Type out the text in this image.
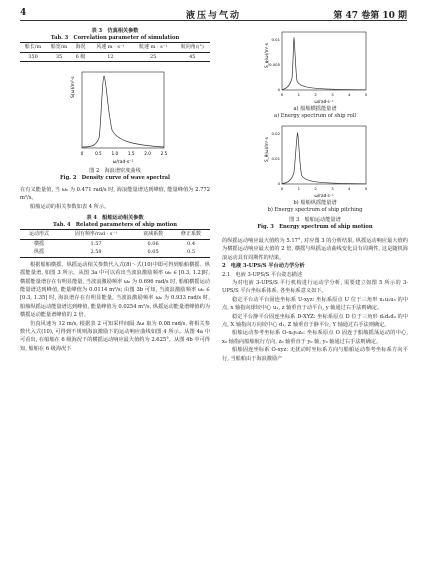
4	液压与气动	第 47 卷第 10 期
表 3　仿真相关参数
Tab. 3　Correlation parameter of simulation
船长/m	船宽/m	海况	风速 m · s⁻¹	航速 m · s⁻¹	航向角/(°)
350	35	6 级	12	25	45
S(ω)/m²·s
0	0.5 1.0 1.5 2.0 2.5
ω/rad·s⁻¹
图 2　海浪谱密度曲线
Fig. 2　Density curve of wave spectral

在有义能量值, 当 ω₀ 为 0.471 rad/s 时, 海浪能量谱达到峰值, 能量峰值为 2.772 m²/s。

船舶运动的相关参数如表 4 所示。

表 4　船舶运动相关参数
Tab. 4　Related parameters of ship motion
运动形式	固有频率/rad · s⁻¹	衰减系数	修正系数
横摇	1.57	0.06	0.4
纵摇	2.58	0.05	0.5

根据船舶横摇、纵摇运动相关参数代入式(8)～式(10)中即可得到船舶横摇、纵摇能量谱, 如图 3 所示。从图 3a 中可以看出当波浪激励频率 ω₀ ∈ [0.3, 1.2]时, 横摇能量谱存在有明显能量, 当波浪激励频率 ω₀ 为 0.696 rad/s 时, 船舶横摇运动能量谱达到峰值, 能量峰值为 0.0114 m²/s; 由图 3b 可知, 当波浪激励频率 ω₀ ∈ [0.3, 1.35] 时, 海浪谱存在有明显能量, 当波浪激励频率 ω₀ 为 0.933 rad/s 时, 船舶纵摇运动能量谱达到峰值, 能量峰值为 0.0254 m²/s, 纵摇运动能量谱峰值约为横摇运动能量谱峰值的 2 倍。

仿真风速为 12 m/s, 根据表 2 可知采样间隔 Δω 取为 0.08 rad/s, 将相关参数代入式(10), 可得到不规则海浪激励下的运动响应曲线如图 4 所示。从图 4a 中可看出, 在船舶在 6 级海况下的横摇运动响应最大值约为 2.625°。从图 4b 中可得知, 船舶在 6 级海况下

S_φ(ω)/m²·s
0
0.005
0.01
0	1	2	3	4	5
ω/rad·s⁻¹
a) 船舶横摇能量谱
a) Energy spectrum of ship roll
S_θ(ω)/m²·s
0
0.01
0.02
0	1	2	3	4	5
ω/rad·s⁻¹
b) 船舶纵摇能量谱
b) Energy spectrum of ship pitching
图 3　船舶运动能量谱
Fig. 3　Energy spectrum of ship motion

的纵摇运动响应最大值约为 5.17°, 对应图 3 的分析结果, 纵摇运动响应最大值约为横摇运动响应最大值的 2 倍, 横摇与纵摇运动曲线变化具有周期性, 这是随机海浪运动具有周期性的结果。

2　电液 3-UPS/S 平台动力学分析
2.1　电液 3-UPS/S 平台姿态描述

为对电液 3-UPS/S 平行机构进行运动学分析, 需要建立如图 5 所示的 3-UPS/S 平台坐标系体系, 各坐标系意义如下。

稳定平台动平台固连坐标系 U-xyz: 坐标系原点 U 位于三角形 u₁u₂u₃ 的中点, x 轴指向球铰中心 u₁, z 轴垂直于动平台, y 轴通过右手法则确定。

稳定平台静平台固连坐标系 D-XYZ: 坐标系原点 D 位于三角形 d₁d₂d₃ 的中点, X 轴指向万向铰中心 d₁, Z 轴垂直于静平台, Y 轴通过右手法则确定。

船舶运动参考坐标系 O-x₀y₀z₀: 坐标系原点 O 固连于船舶摇荡运动的中心, x₀ 轴指向船舶航行方向, z₀ 轴垂直于 y₀ 轴, y₀ 轴通过右手法则确定。

船舶固连坐标系 O-xyz: 无扰动时坐标系方向与船舶运动参考坐标系方向平行, 当船舶由于海浪激励产
